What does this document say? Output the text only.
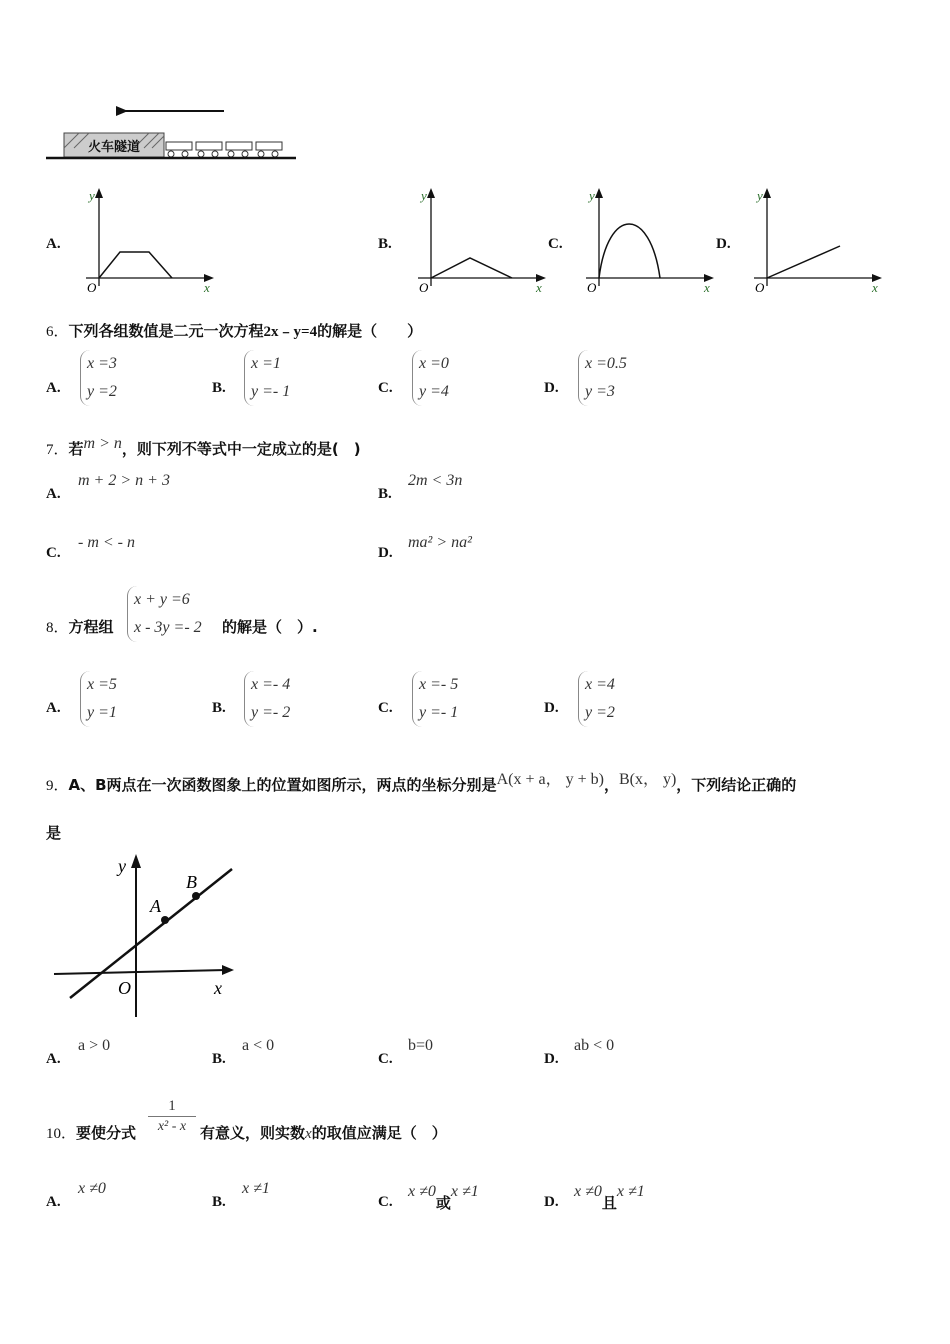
火车隧道
A.
y
O	x
B.
y
O	x
C.
y
O	x
D.
y
O	x
6．下列各组数值是二元一次方程2x﹣y=4的解是（　　）
A.
x =3
y =2	B.
x =1
y =- 1	C.
x =0
y =4	D.
x =0.5
y =3
7．若m > n，则下列不等式中一定成立的是(　)
A.
m + 2 > n + 3
B.
2m < 3n
C.
- m < - n
D.
ma² > na²
8．方程组
x + y =6
x - 3y =- 2 的解是（　）.
A.
x =5
y =1	B.
x =- 4
y =- 2	C.
x =- 5
y =- 1	D.
x =4
y =2
9．A、B两点在一次函数图象上的位置如图所示，两点的坐标分别是A(x + a， y + b)，B(x， y)，下列结论正确的
是
y
O	x
A
B
A.
a > 0
B.
a < 0
C.
b=0
D.
ab < 0
10．要使分式
1
x² - x 有意义，则实数x的取值应满足（　）
A.
x ≠0
B.
x ≠1
C.
x ≠0或x ≠1
D.
x ≠0且x ≠1
